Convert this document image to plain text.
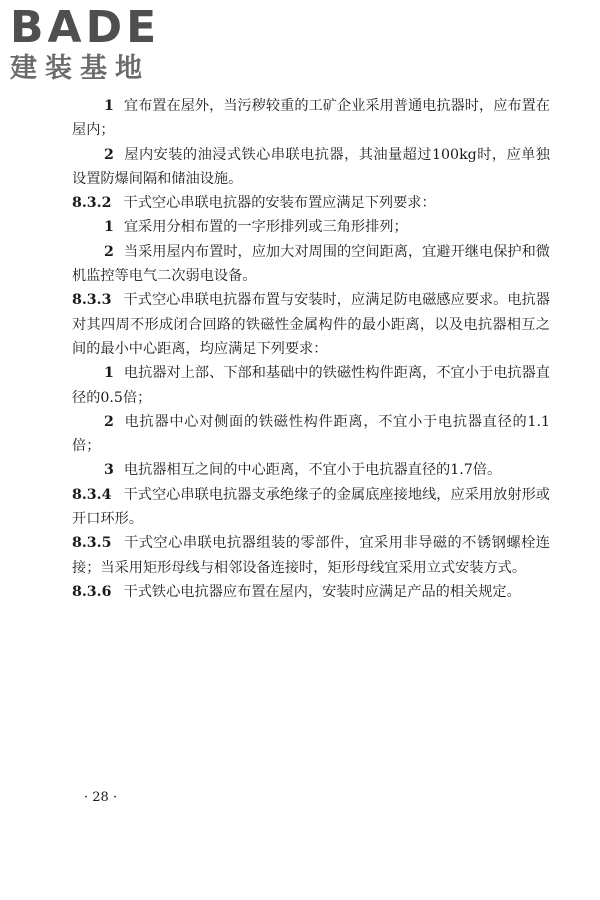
BADE
建装基地

1 宜布置在屋外，当污秽较重的工矿企业采用普通电抗器时，应布置在屋内；

2 屋内安装的油浸式铁心串联电抗器，其油量超过100kg时，应单独设置防爆间隔和储油设施。

8.3.2 干式空心串联电抗器的安装布置应满足下列要求：

1 宜采用分相布置的一字形排列或三角形排列；

2 当采用屋内布置时，应加大对周围的空间距离，宜避开继电保护和微机监控等电气二次弱电设备。

8.3.3 干式空心串联电抗器布置与安装时，应满足防电磁感应要求。电抗器对其四周不形成闭合回路的铁磁性金属构件的最小距离，以及电抗器相互之间的最小中心距离，均应满足下列要求：

1 电抗器对上部、下部和基础中的铁磁性构件距离，不宜小于电抗器直径的0.5倍；

2 电抗器中心对侧面的铁磁性构件距离，不宜小于电抗器直径的1.1倍；

3 电抗器相互之间的中心距离，不宜小于电抗器直径的1.7倍。

8.3.4 干式空心串联电抗器支承绝缘子的金属底座接地线，应采用放射形或开口环形。

8.3.5 干式空心串联电抗器组装的零部件，宜采用非导磁的不锈钢螺栓连接；当采用矩形母线与相邻设备连接时，矩形母线宜采用立式安装方式。

8.3.6 干式铁心电抗器应布置在屋内，安装时应满足产品的相关规定。

· 28 ·
